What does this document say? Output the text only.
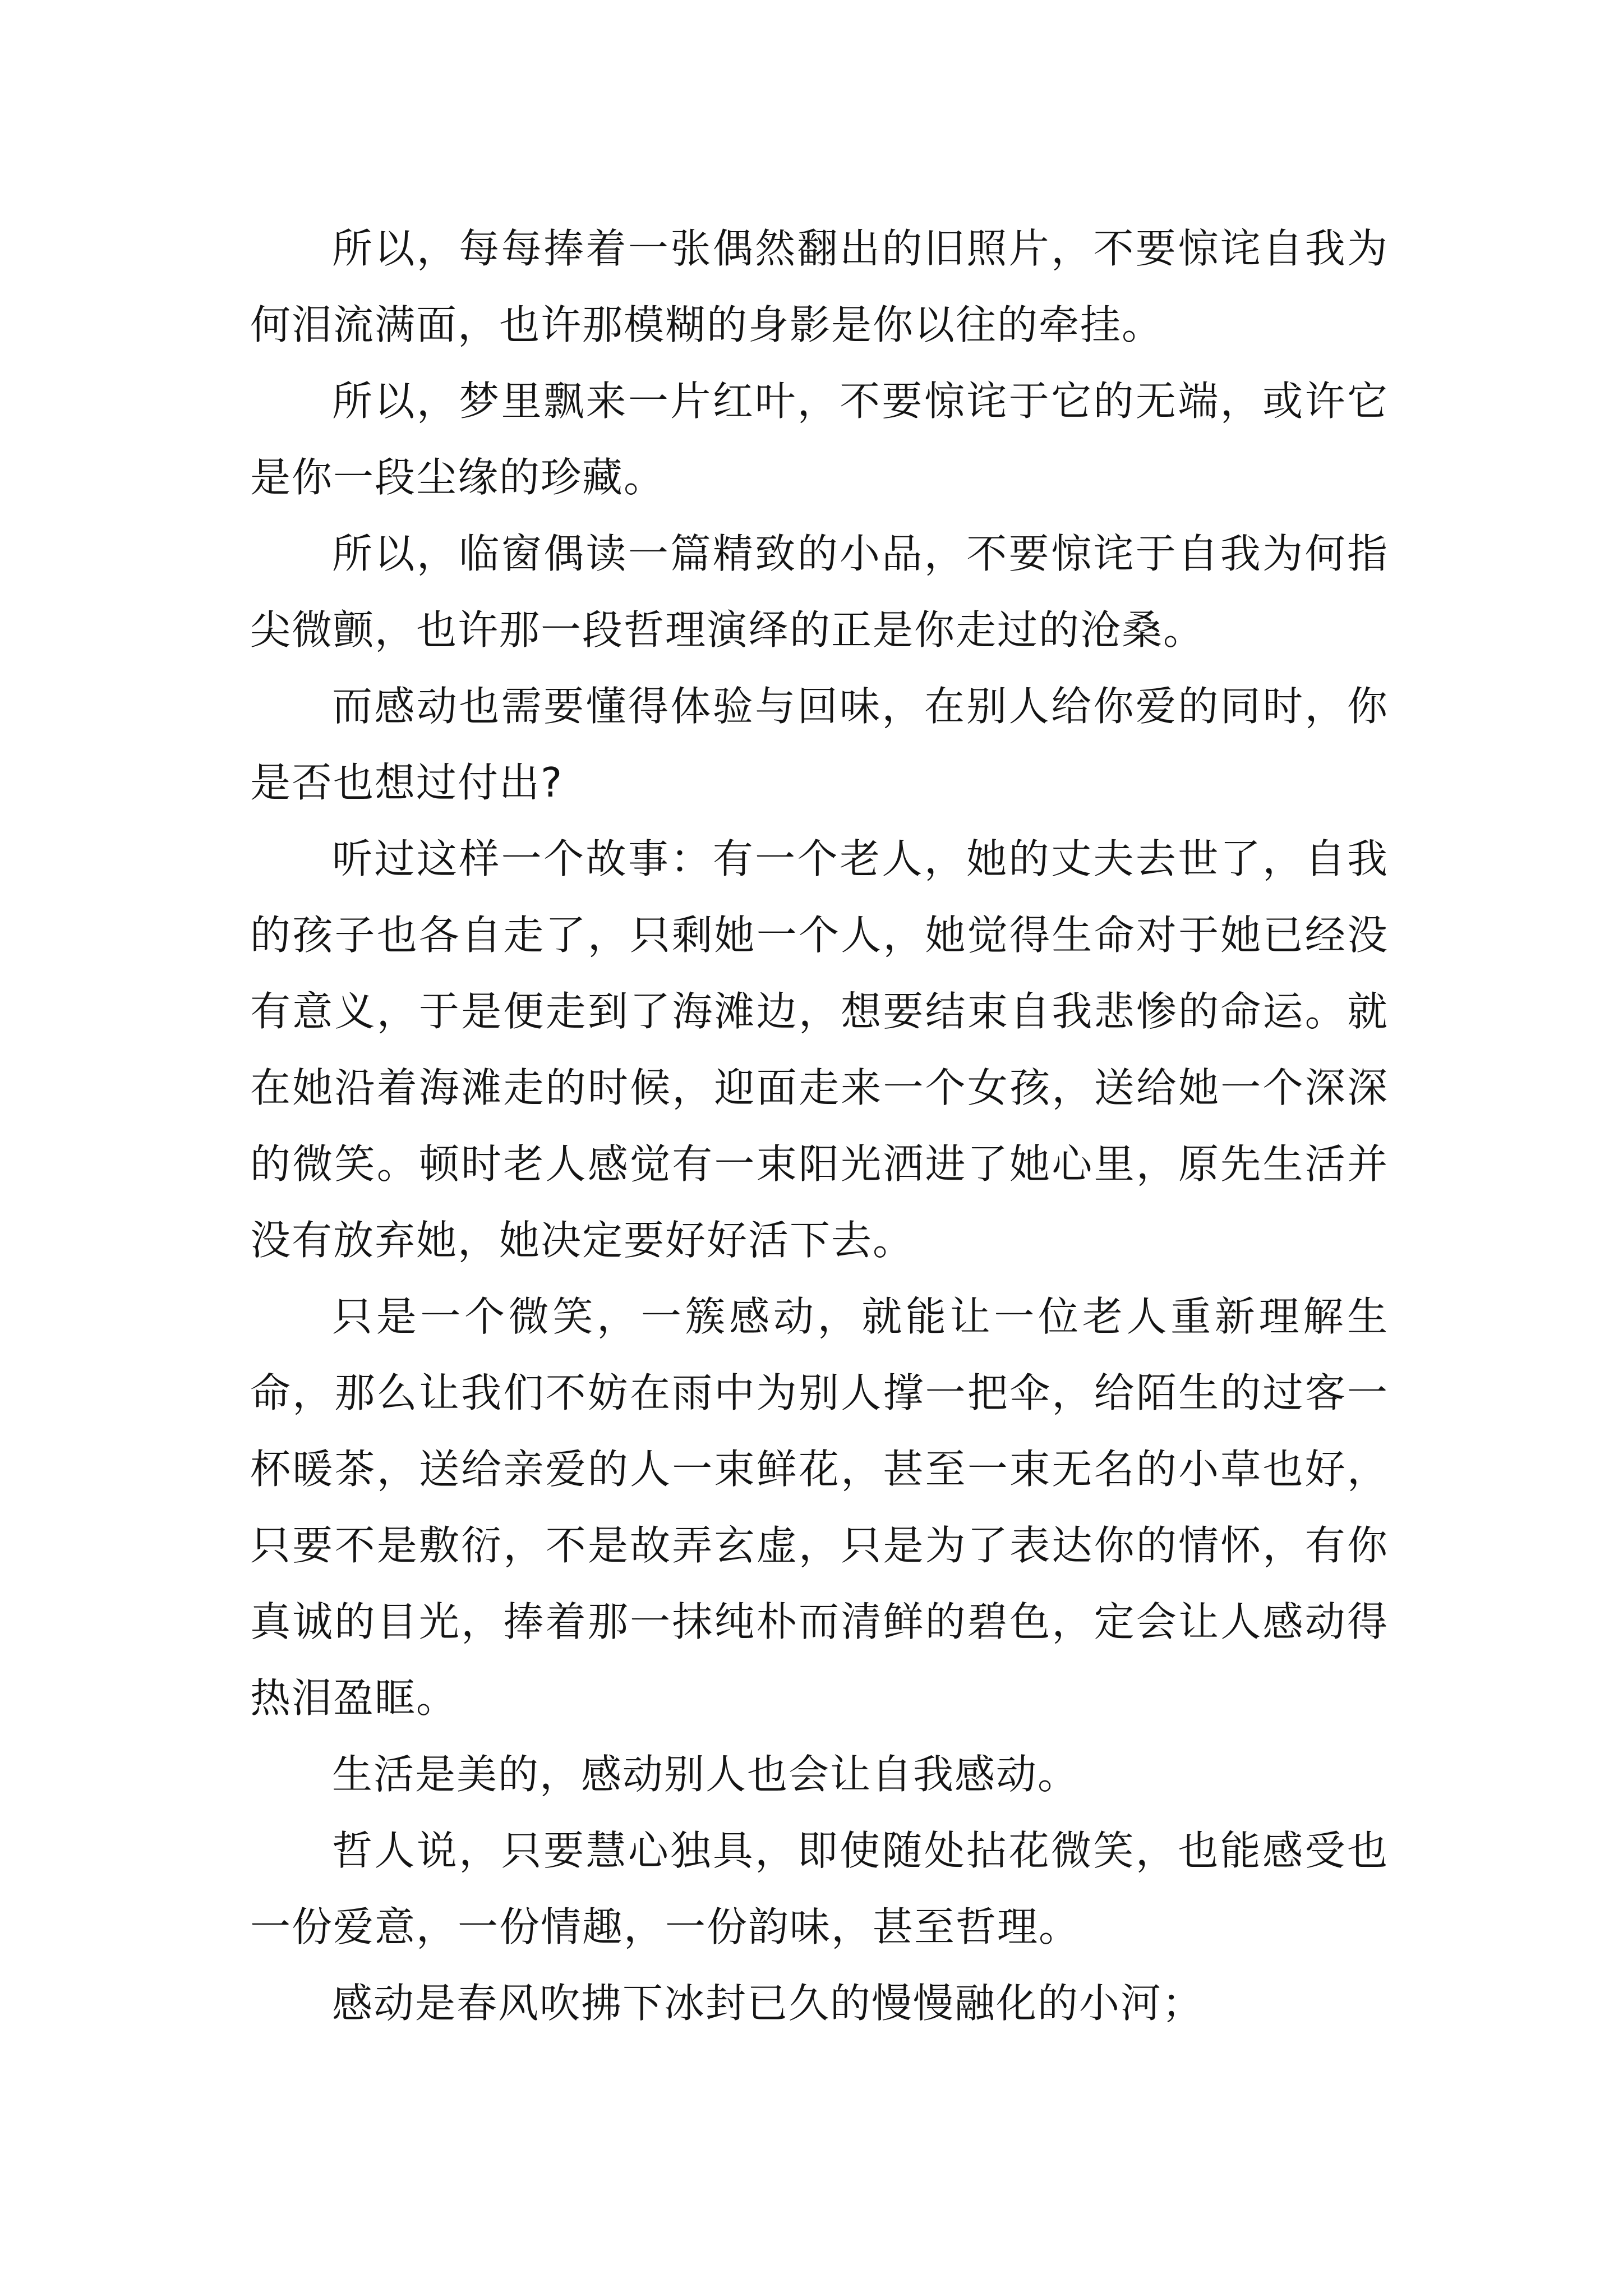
所以，每每捧着一张偶然翻出的旧照片，不要惊诧自我为何泪流满面，也许那模糊的身影是你以往的牵挂。

所以，梦里飘来一片红叶，不要惊诧于它的无端，或许它是你一段尘缘的珍藏。

所以，临窗偶读一篇精致的小品，不要惊诧于自我为何指尖微颤，也许那一段哲理演绎的正是你走过的沧桑。

而感动也需要懂得体验与回味，在别人给你爱的同时，你是否也想过付出?

听过这样一个故事：有一个老人，她的丈夫去世了，自我的孩子也各自走了，只剩她一个人，她觉得生命对于她已经没有意义，于是便走到了海滩边，想要结束自我悲惨的命运。就在她沿着海滩走的时候，迎面走来一个女孩，送给她一个深深的微笑。顿时老人感觉有一束阳光洒进了她心里，原先生活并没有放弃她，她决定要好好活下去。

只是一个微笑，一簇感动，就能让一位老人重新理解生命，那么让我们不妨在雨中为别人撑一把伞，给陌生的过客一杯暖茶，送给亲爱的人一束鲜花，甚至一束无名的小草也好，只要不是敷衍，不是故弄玄虚，只是为了表达你的情怀，有你真诚的目光，捧着那一抹纯朴而清鲜的碧色，定会让人感动得热泪盈眶。

生活是美的，感动别人也会让自我感动。

哲人说，只要慧心独具，即使随处拈花微笑，也能感受也一份爱意，一份情趣，一份韵味，甚至哲理。

感动是春风吹拂下冰封已久的慢慢融化的小河；
